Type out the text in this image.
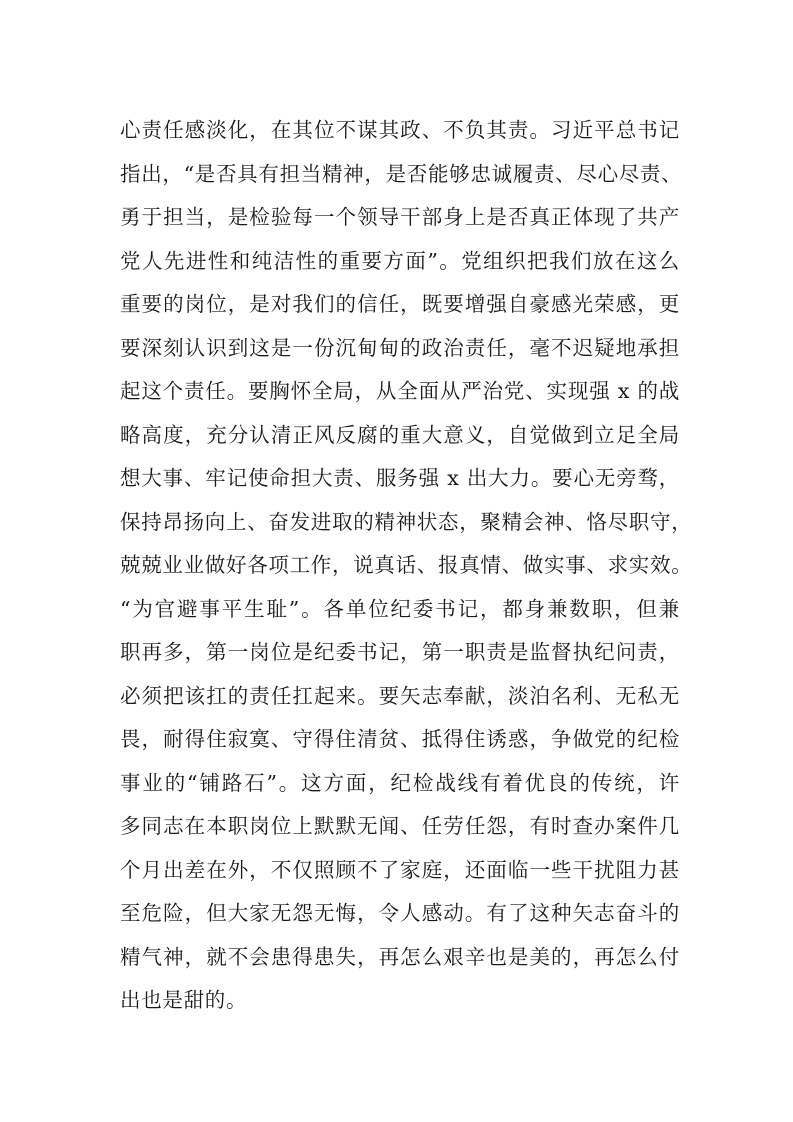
心责任感淡化，在其位不谋其政、不负其责。习近平总书记
指出，“是否具有担当精神，是否能够忠诚履责、尽心尽责、
勇于担当，是检验每一个领导干部身上是否真正体现了共产
党人先进性和纯洁性的重要方面”。党组织把我们放在这么
重要的岗位，是对我们的信任，既要增强自豪感光荣感，更
要深刻认识到这是一份沉甸甸的政治责任，毫不迟疑地承担
起这个责任。要胸怀全局，从全面从严治党、实现强 x 的战
略高度，充分认清正风反腐的重大意义，自觉做到立足全局
想大事、牢记使命担大责、服务强 x 出大力。要心无旁骛，
保持昂扬向上、奋发进取的精神状态，聚精会神、恪尽职守，
兢兢业业做好各项工作，说真话、报真情、做实事、求实效。
“为官避事平生耻”。各单位纪委书记，都身兼数职，但兼
职再多，第一岗位是纪委书记，第一职责是监督执纪问责，
必须把该扛的责任扛起来。要矢志奉献，淡泊名利、无私无
畏，耐得住寂寞、守得住清贫、抵得住诱惑，争做党的纪检
事业的“铺路石”。这方面，纪检战线有着优良的传统，许
多同志在本职岗位上默默无闻、任劳任怨，有时查办案件几
个月出差在外，不仅照顾不了家庭，还面临一些干扰阻力甚
至危险，但大家无怨无悔，令人感动。有了这种矢志奋斗的
精气神，就不会患得患失，再怎么艰辛也是美的，再怎么付
出也是甜的。
